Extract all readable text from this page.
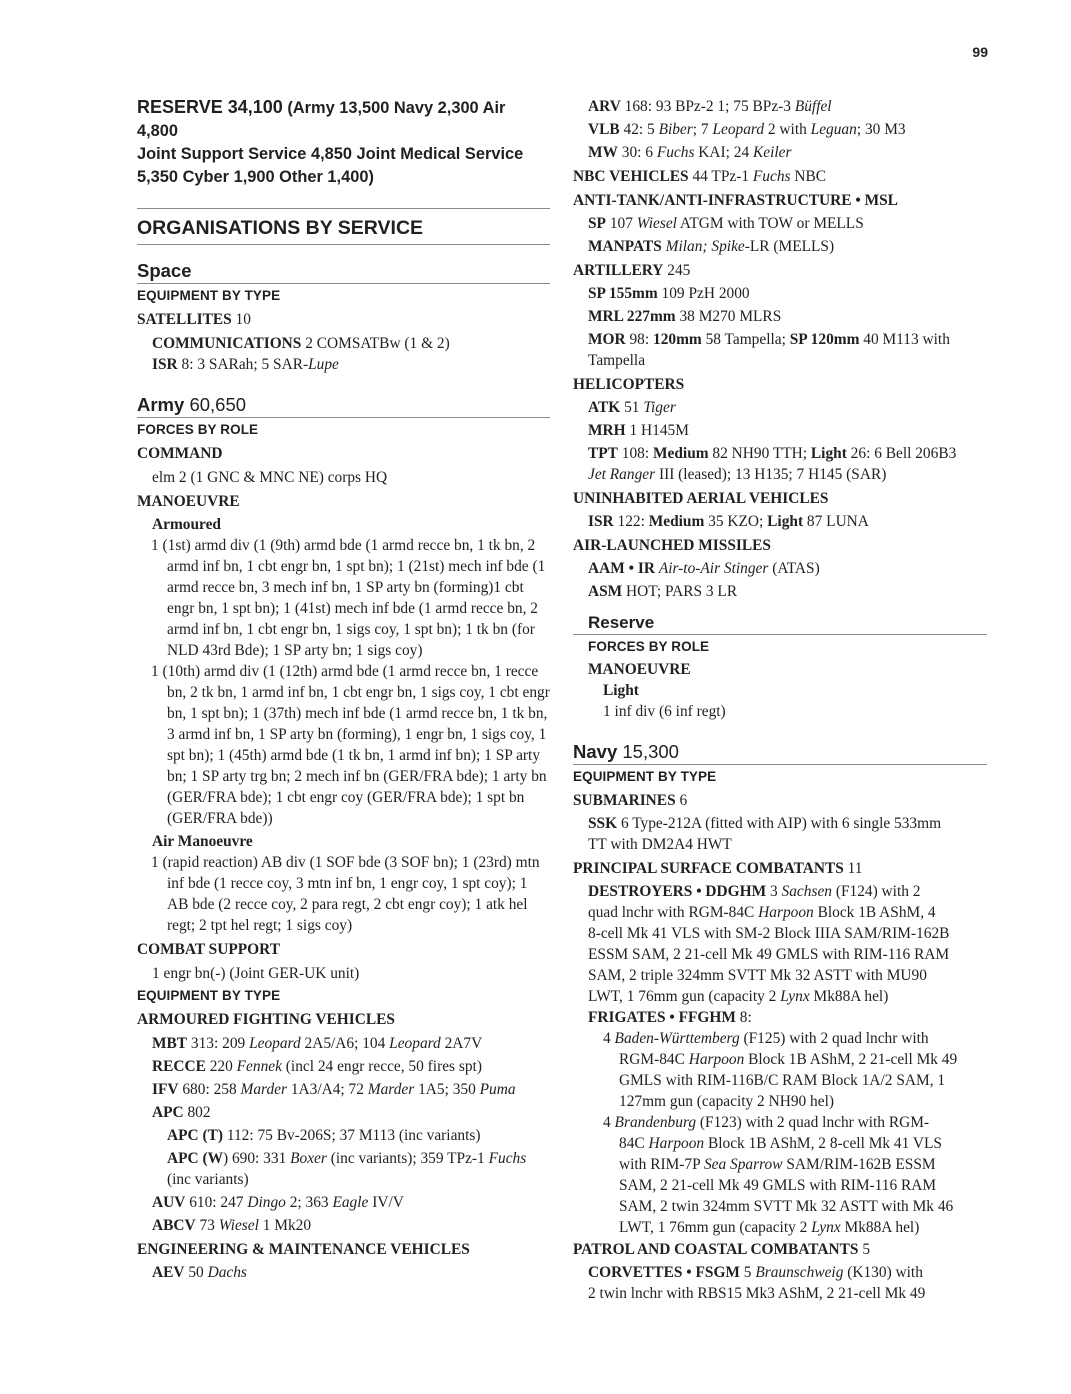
99
RESERVE 34,100 (Army 13,500 Navy 2,300 Air 4,800
Joint Support Service 4,850 Joint Medical Service
5,350 Cyber 1,900 Other 1,400)
ORGANISATIONS BY SERVICE
Space
EQUIPMENT BY TYPE
SATELLITES 10
COMMUNICATIONS 2 COMSATBw (1 & 2)
ISR 8: 3 SARah; 5 SAR-Lupe
Army 60,650
FORCES BY ROLE
COMMAND
elm 2 (1 GNC & MNC NE) corps HQ
MANOEUVRE
Armoured
1 (1st) armd div (1 (9th) armd bde (1 armd recce bn, 1 tk bn, 2 armd inf bn, 1 cbt engr bn, 1 spt bn); 1 (21st) mech inf bde (1 armd recce bn, 3 mech inf bn, 1 SP arty bn (forming)1 cbt engr bn, 1 spt bn); 1 (41st) mech inf bde (1 armd recce bn, 2 armd inf bn, 1 cbt engr bn, 1 sigs coy, 1 spt bn); 1 tk bn (for NLD 43rd Bde); 1 SP arty bn; 1 sigs coy)
1 (10th) armd div (1 (12th) armd bde (1 armd recce bn, 1 recce bn, 2 tk bn, 1 armd inf bn, 1 cbt engr bn, 1 sigs coy, 1 cbt engr bn, 1 spt bn); 1 (37th) mech inf bde (1 armd recce bn, 1 tk bn, 3 armd inf bn, 1 SP arty bn (forming), 1 engr bn, 1 sigs coy, 1 spt bn); 1 (45th) armd bde (1 tk bn, 1 armd inf bn); 1 SP arty bn; 1 SP arty trg bn; 2 mech inf bn (GER/FRA bde); 1 arty bn (GER/FRA bde); 1 cbt engr coy (GER/FRA bde); 1 spt bn (GER/FRA bde))
Air Manoeuvre
1 (rapid reaction) AB div (1 SOF bde (3 SOF bn); 1 (23rd) mtn inf bde (1 recce coy, 3 mtn inf bn, 1 engr coy, 1 spt coy); 1 AB bde (2 recce coy, 2 para regt, 2 cbt engr coy); 1 atk hel regt; 2 tpt hel regt; 1 sigs coy)
COMBAT SUPPORT
1 engr bn(-) (Joint GER-UK unit)
EQUIPMENT BY TYPE
ARMOURED FIGHTING VEHICLES
MBT 313: 209 Leopard 2A5/A6; 104 Leopard 2A7V
RECCE 220 Fennek (incl 24 engr recce, 50 fires spt)
IFV 680: 258 Marder 1A3/A4; 72 Marder 1A5; 350 Puma
APC 802
APC (T) 112: 75 Bv-206S; 37 M113 (inc variants)
APC (W) 690: 331 Boxer (inc variants); 359 TPz-1 Fuchs
(inc variants)
AUV 610: 247 Dingo 2; 363 Eagle IV/V
ABCV 73 Wiesel 1 Mk20
ENGINEERING & MAINTENANCE VEHICLES
AEV 50 Dachs
ARV 168: 93 BPz-2 1; 75 BPz-3 Büffel
VLB 42: 5 Biber; 7 Leopard 2 with Leguan; 30 M3
MW 30: 6 Fuchs KAI; 24 Keiler
NBC VEHICLES 44 TPz-1 Fuchs NBC
ANTI-TANK/ANTI-INFRASTRUCTURE • MSL
SP 107 Wiesel ATGM with TOW or MELLS
MANPATS Milan; Spike-LR (MELLS)
ARTILLERY 245
SP 155mm 109 PzH 2000
MRL 227mm 38 M270 MLRS
MOR 98: 120mm 58 Tampella; SP 120mm 40 M113 with
Tampella
HELICOPTERS
ATK 51 Tiger
MRH 1 H145M
TPT 108: Medium 82 NH90 TTH; Light 26: 6 Bell 206B3
Jet Ranger III (leased); 13 H135; 7 H145 (SAR)
UNINHABITED AERIAL VEHICLES
ISR 122: Medium 35 KZO; Light 87 LUNA
AIR-LAUNCHED MISSILES
AAM • IR Air-to-Air Stinger (ATAS)
ASM HOT; PARS 3 LR
Reserve
FORCES BY ROLE
MANOEUVRE
Light
1 inf div (6 inf regt)
Navy 15,300
EQUIPMENT BY TYPE
SUBMARINES 6
SSK 6 Type-212A (fitted with AIP) with 6 single 533mm
TT with DM2A4 HWT
PRINCIPAL SURFACE COMBATANTS 11
DESTROYERS • DDGHM 3 Sachsen (F124) with 2
quad lnchr with RGM-84C Harpoon Block 1B AShM, 4
8-cell Mk 41 VLS with SM-2 Block IIIA SAM/RIM-162B
ESSM SAM, 2 21-cell Mk 49 GMLS with RIM-116 RAM
SAM, 2 triple 324mm SVTT Mk 32 ASTT with MU90
LWT, 1 76mm gun (capacity 2 Lynx Mk88A hel)
FRIGATES • FFGHM 8:
4 Baden-Württemberg (F125) with 2 quad lnchr with
RGM-84C Harpoon Block 1B AShM, 2 21-cell Mk 49
GMLS with RIM-116B/C RAM Block 1A/2 SAM, 1
127mm gun (capacity 2 NH90 hel)
4 Brandenburg (F123) with 2 quad lnchr with RGM-
84C Harpoon Block 1B AShM, 2 8-cell Mk 41 VLS
with RIM-7P Sea Sparrow SAM/RIM-162B ESSM
SAM, 2 21-cell Mk 49 GMLS with RIM-116 RAM
SAM, 2 twin 324mm SVTT Mk 32 ASTT with Mk 46
LWT, 1 76mm gun (capacity 2 Lynx Mk88A hel)
PATROL AND COASTAL COMBATANTS 5
CORVETTES • FSGM 5 Braunschweig (K130) with
2 twin lnchr with RBS15 Mk3 AShM, 2 21-cell Mk 49
